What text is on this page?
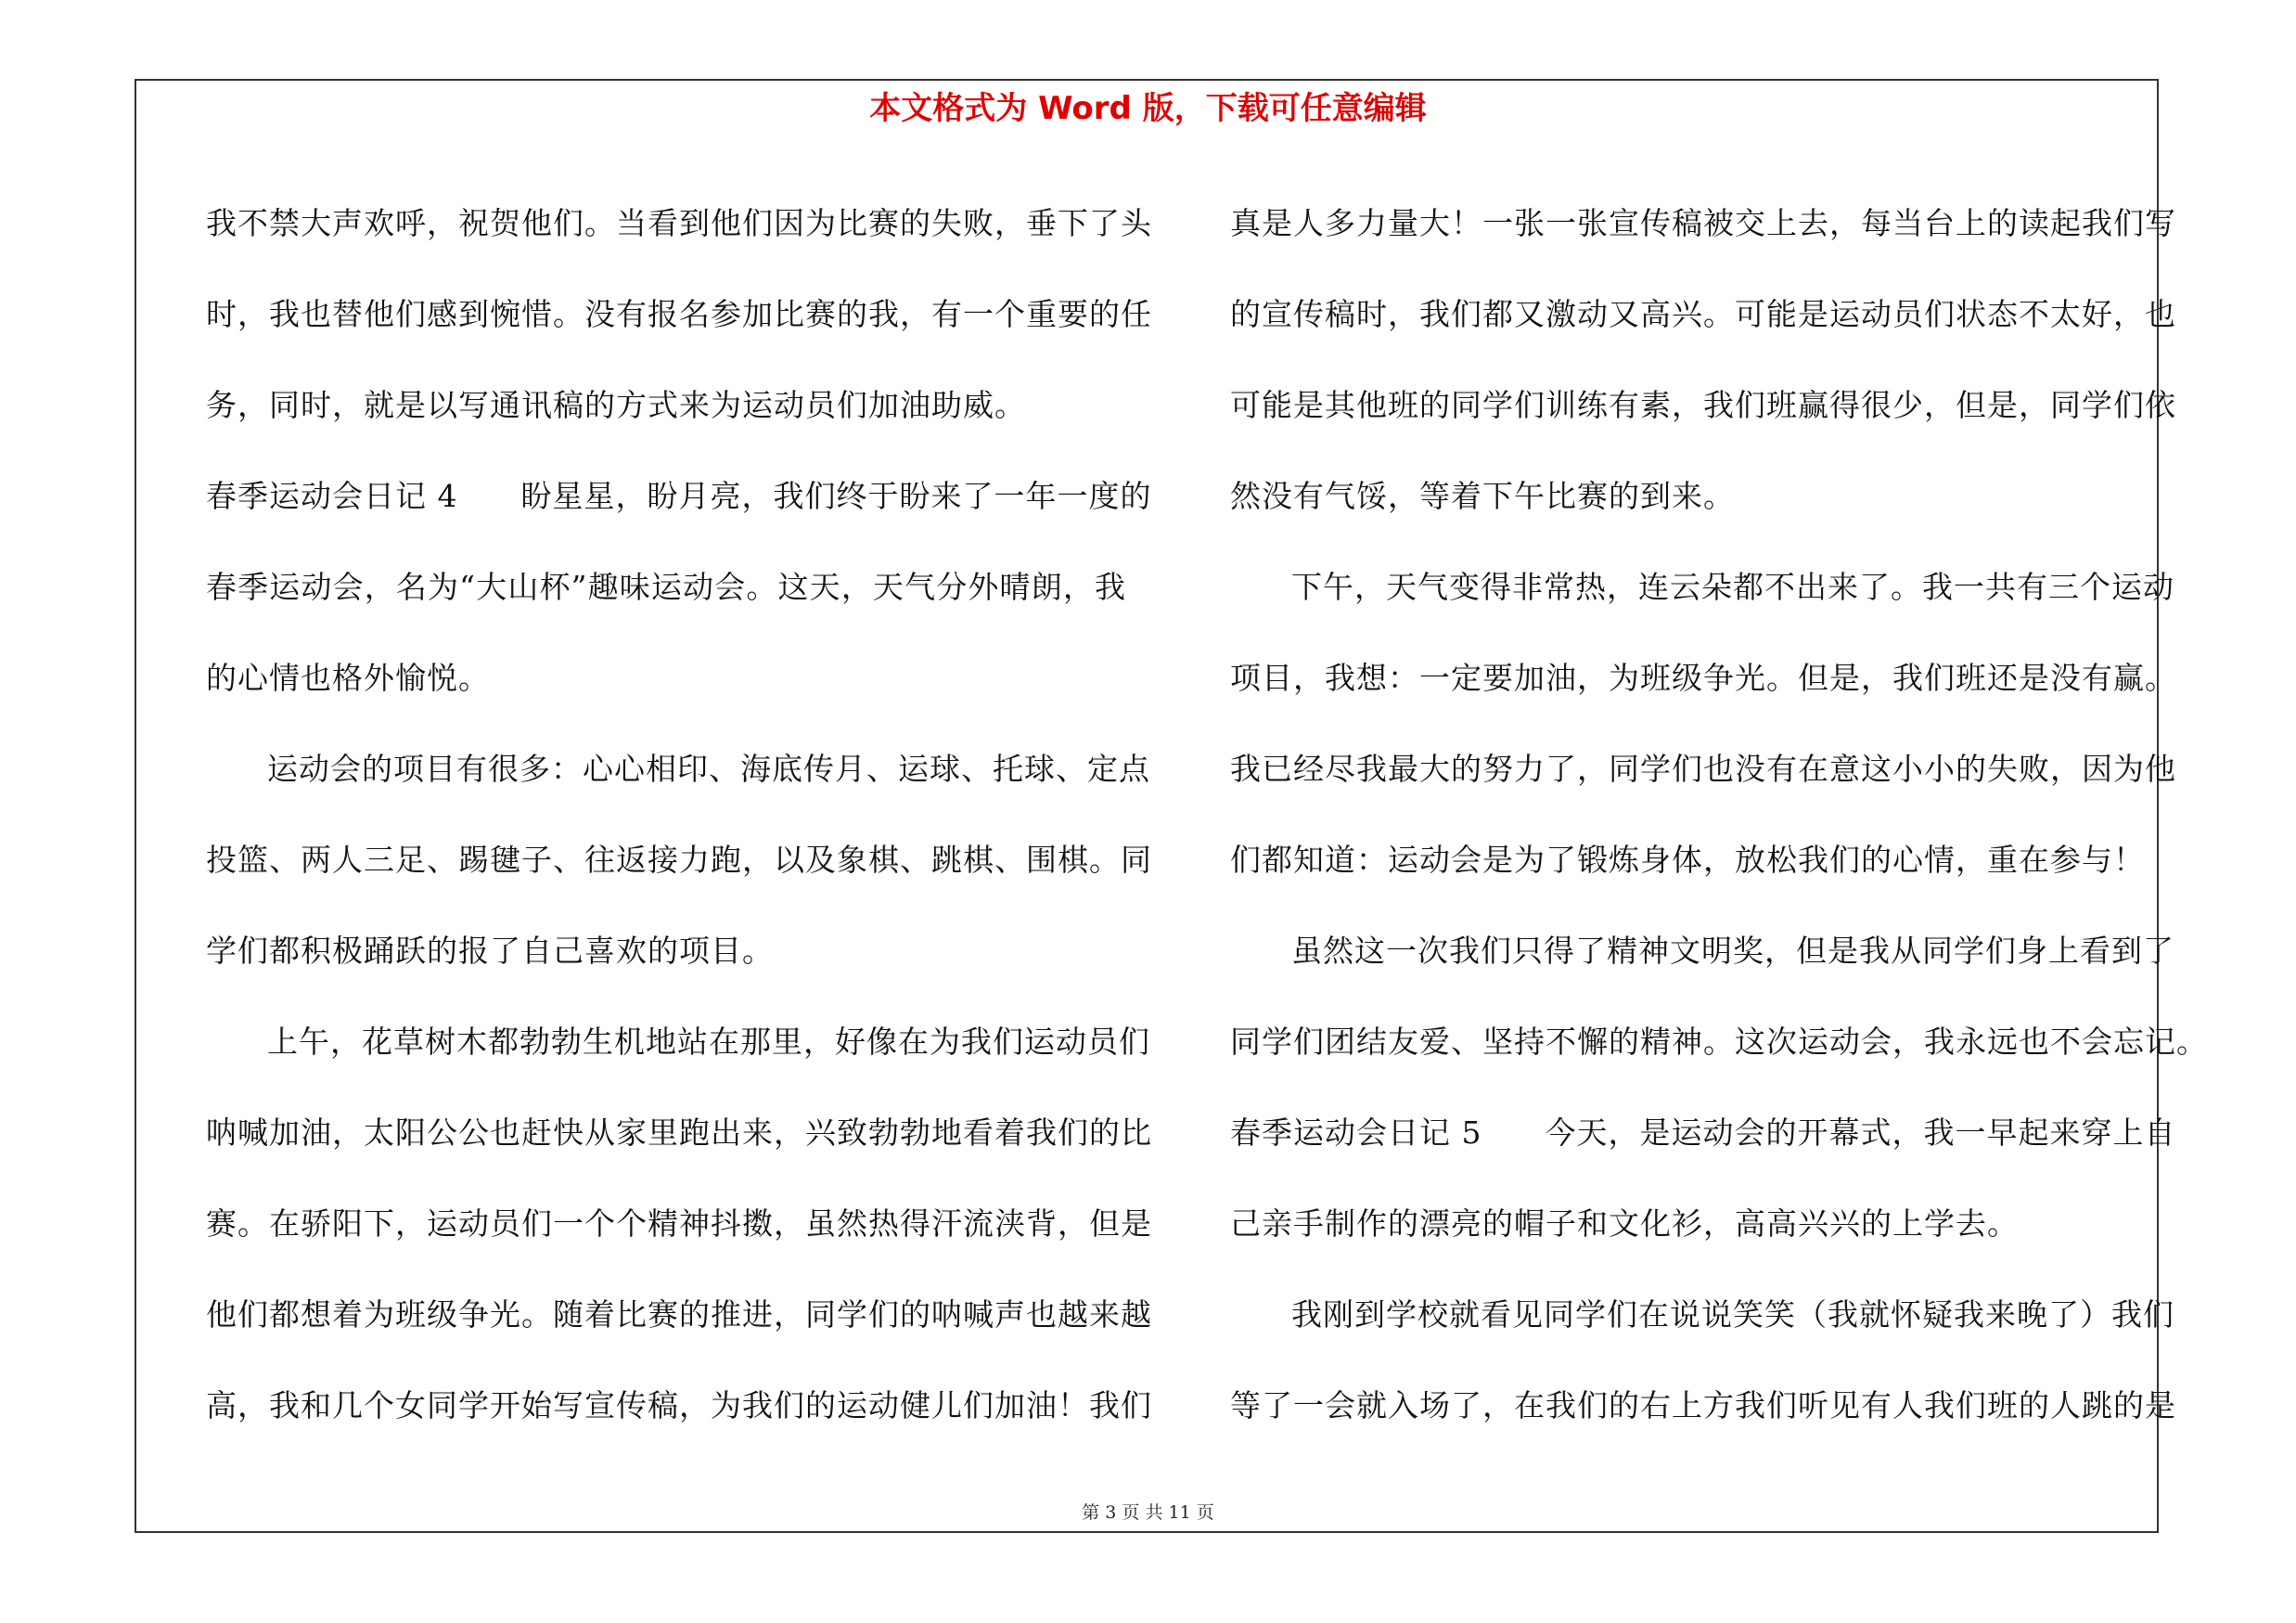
本文格式为 Word 版，下载可任意编辑
我不禁大声欢呼，祝贺他们。当看到他们因为比赛的失败，垂下了头
时，我也替他们感到惋惜。没有报名参加比赛的我，有一个重要的任
务，同时，就是以写通讯稿的方式来为运动员们加油助威。
春季运动会日记 4　　盼星星，盼月亮，我们终于盼来了一年一度的
春季运动会，名为“大山杯”趣味运动会。这天，天气分外晴朗，我
的心情也格外愉悦。
运动会的项目有很多：心心相印、海底传月、运球、托球、定点
投篮、两人三足、踢毽子、往返接力跑，以及象棋、跳棋、围棋。同
学们都积极踊跃的报了自己喜欢的项目。
上午，花草树木都勃勃生机地站在那里，好像在为我们运动员们
呐喊加油，太阳公公也赶快从家里跑出来，兴致勃勃地看着我们的比
赛。在骄阳下，运动员们一个个精神抖擞，虽然热得汗流浃背，但是
他们都想着为班级争光。随着比赛的推进，同学们的呐喊声也越来越
高，我和几个女同学开始写宣传稿，为我们的运动健儿们加油！我们
真是人多力量大！一张一张宣传稿被交上去，每当台上的读起我们写
的宣传稿时，我们都又激动又高兴。可能是运动员们状态不太好，也
可能是其他班的同学们训练有素，我们班赢得很少，但是，同学们依
然没有气馁，等着下午比赛的到来。
下午，天气变得非常热，连云朵都不出来了。我一共有三个运动
项目，我想：一定要加油，为班级争光。但是，我们班还是没有赢。
我已经尽我最大的努力了，同学们也没有在意这小小的失败，因为他
们都知道：运动会是为了锻炼身体，放松我们的心情，重在参与！
虽然这一次我们只得了精神文明奖，但是我从同学们身上看到了
同学们团结友爱、坚持不懈的精神。这次运动会，我永远也不会忘记。
春季运动会日记 5　　今天，是运动会的开幕式，我一早起来穿上自
己亲手制作的漂亮的帽子和文化衫，高高兴兴的上学去。
我刚到学校就看见同学们在说说笑笑（我就怀疑我来晚了）我们
等了一会就入场了，在我们的右上方我们听见有人我们班的人跳的是
第 3 页 共 11 页
